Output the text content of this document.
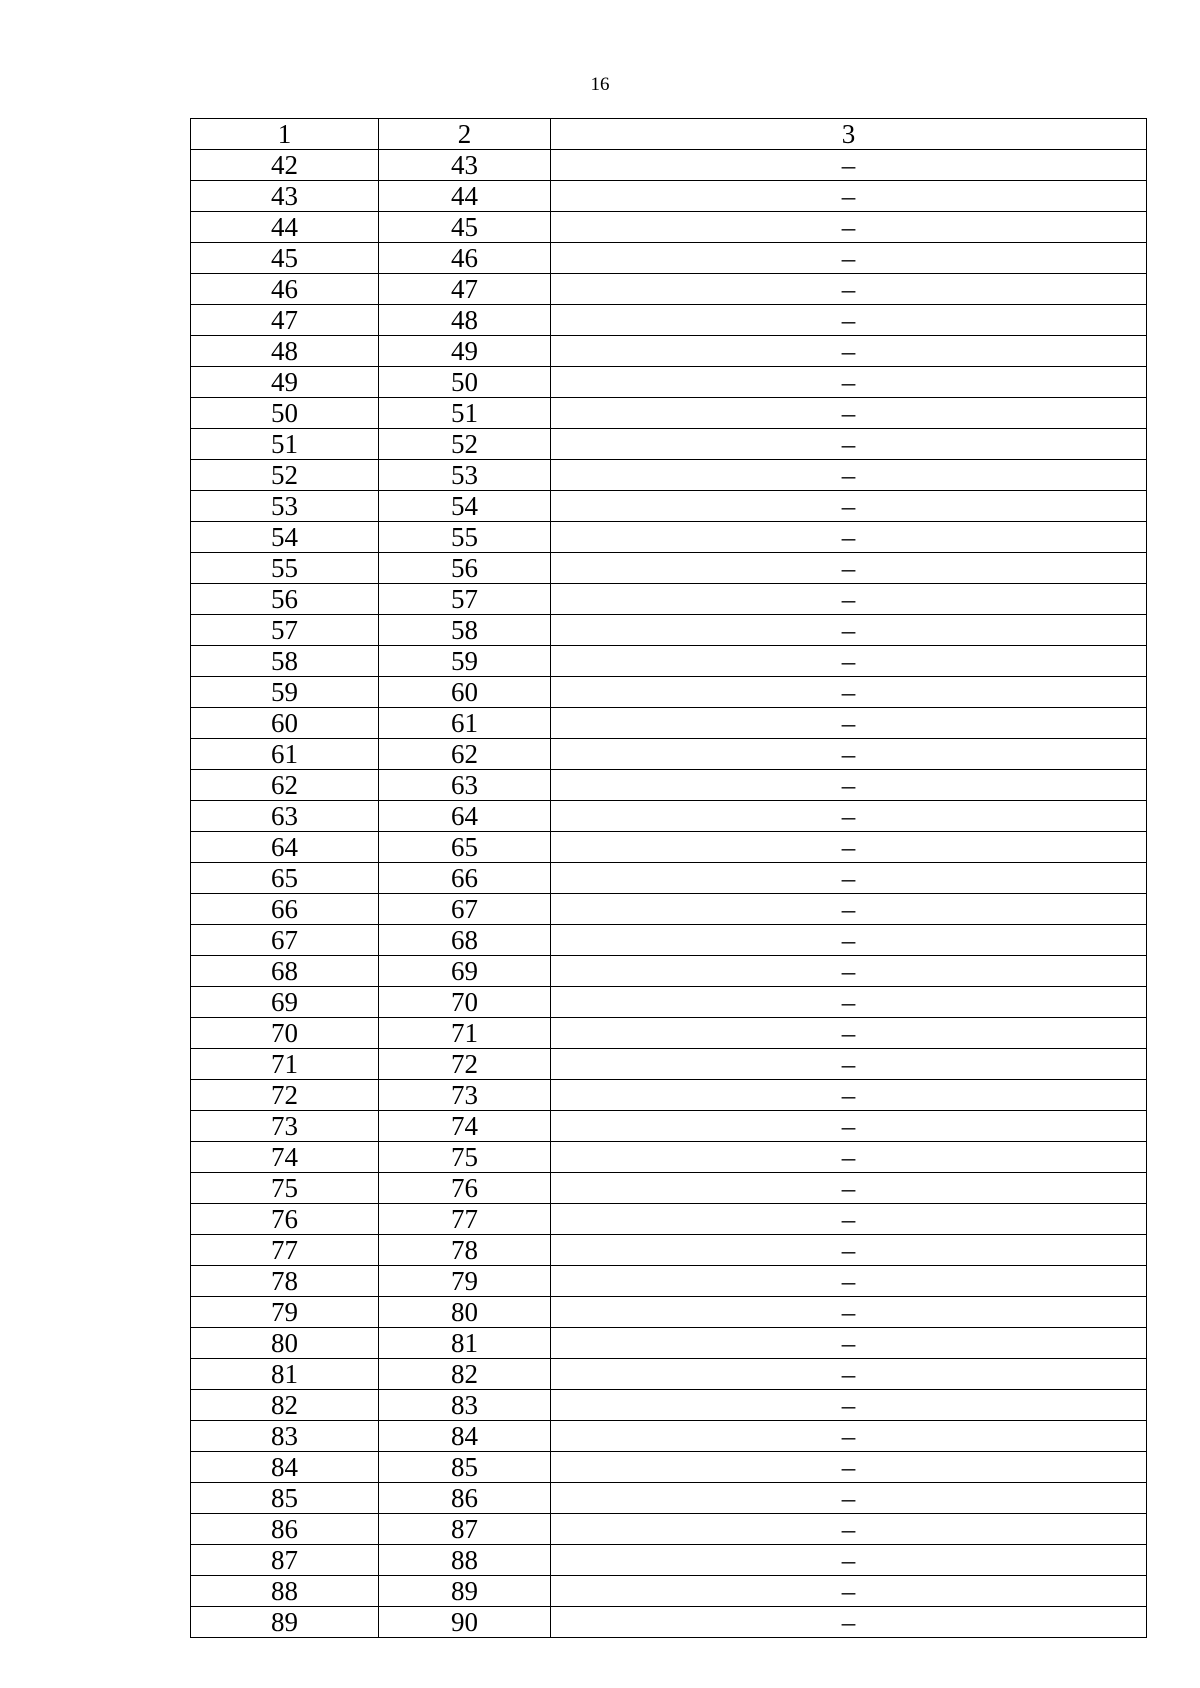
16
1	2	3
42	43	–
43	44	–
44	45	–
45	46	–
46	47	–
47	48	–
48	49	–
49	50	–
50	51	–
51	52	–
52	53	–
53	54	–
54	55	–
55	56	–
56	57	–
57	58	–
58	59	–
59	60	–
60	61	–
61	62	–
62	63	–
63	64	–
64	65	–
65	66	–
66	67	–
67	68	–
68	69	–
69	70	–
70	71	–
71	72	–
72	73	–
73	74	–
74	75	–
75	76	–
76	77	–
77	78	–
78	79	–
79	80	–
80	81	–
81	82	–
82	83	–
83	84	–
84	85	–
85	86	–
86	87	–
87	88	–
88	89	–
89	90	–
